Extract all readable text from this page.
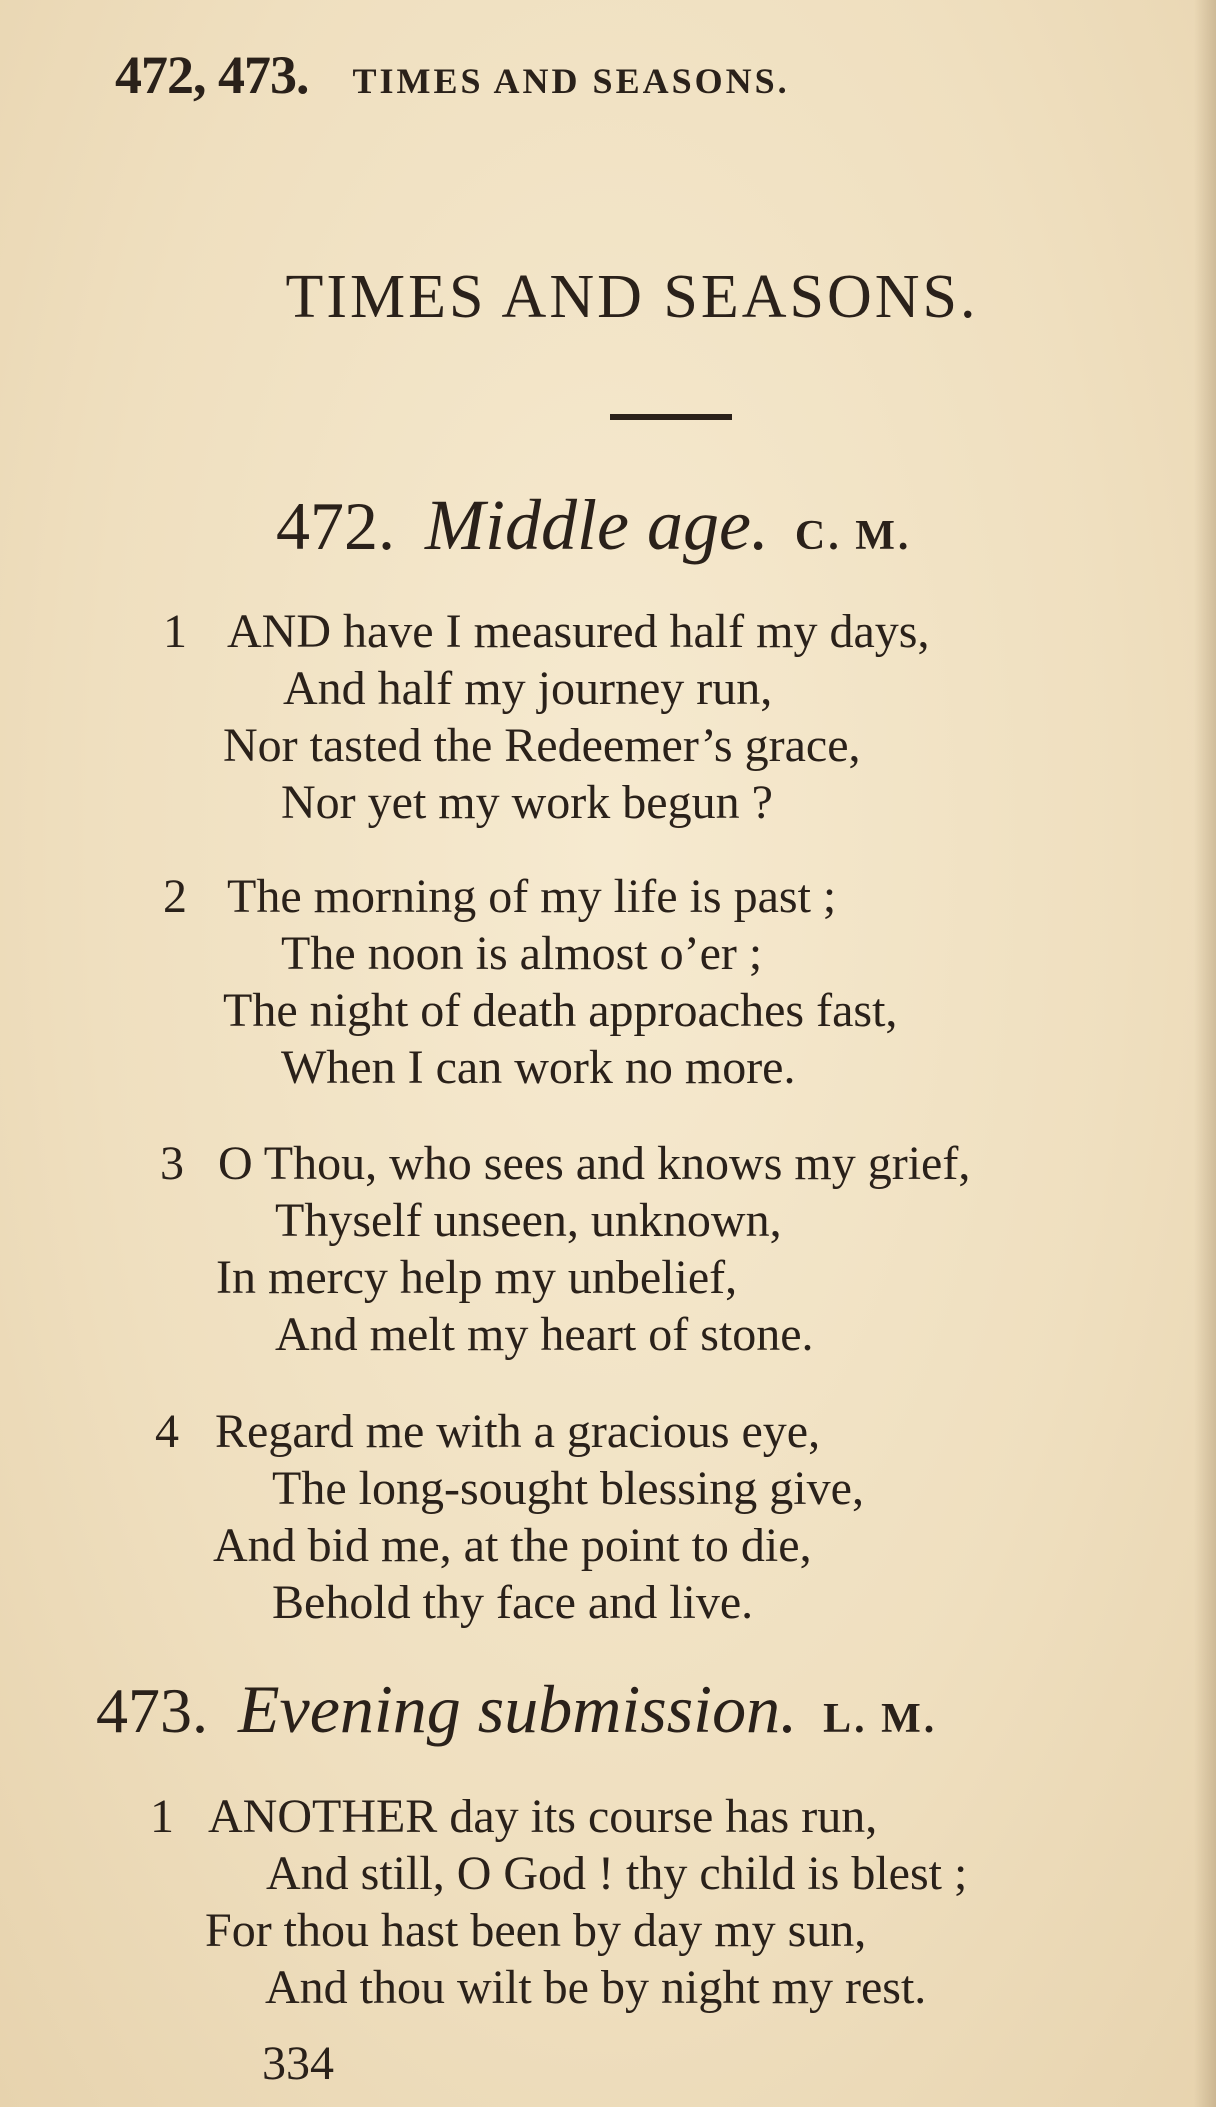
472, 473. TIMES AND SEASONS.
TIMES AND SEASONS.
472. Middle age. C. M.
1 AND have I measured half my days,
And half my journey run,
Nor tasted the Redeemer’s grace,
Nor yet my work begun ?
2 The morning of my life is past ;
The noon is almost o’er ;
The night of death approaches fast,
When I can work no more.
3 O Thou, who sees and knows my grief,
Thyself unseen, unknown,
In mercy help my unbelief,
And melt my heart of stone.
4 Regard me with a gracious eye,
The long-sought blessing give,
And bid me, at the point to die,
Behold thy face and live.
473. Evening submission. L. M.
1 ANOTHER day its course has run,
And still, O God ! thy child is blest ;
For thou hast been by day my sun,
And thou wilt be by night my rest.
334
